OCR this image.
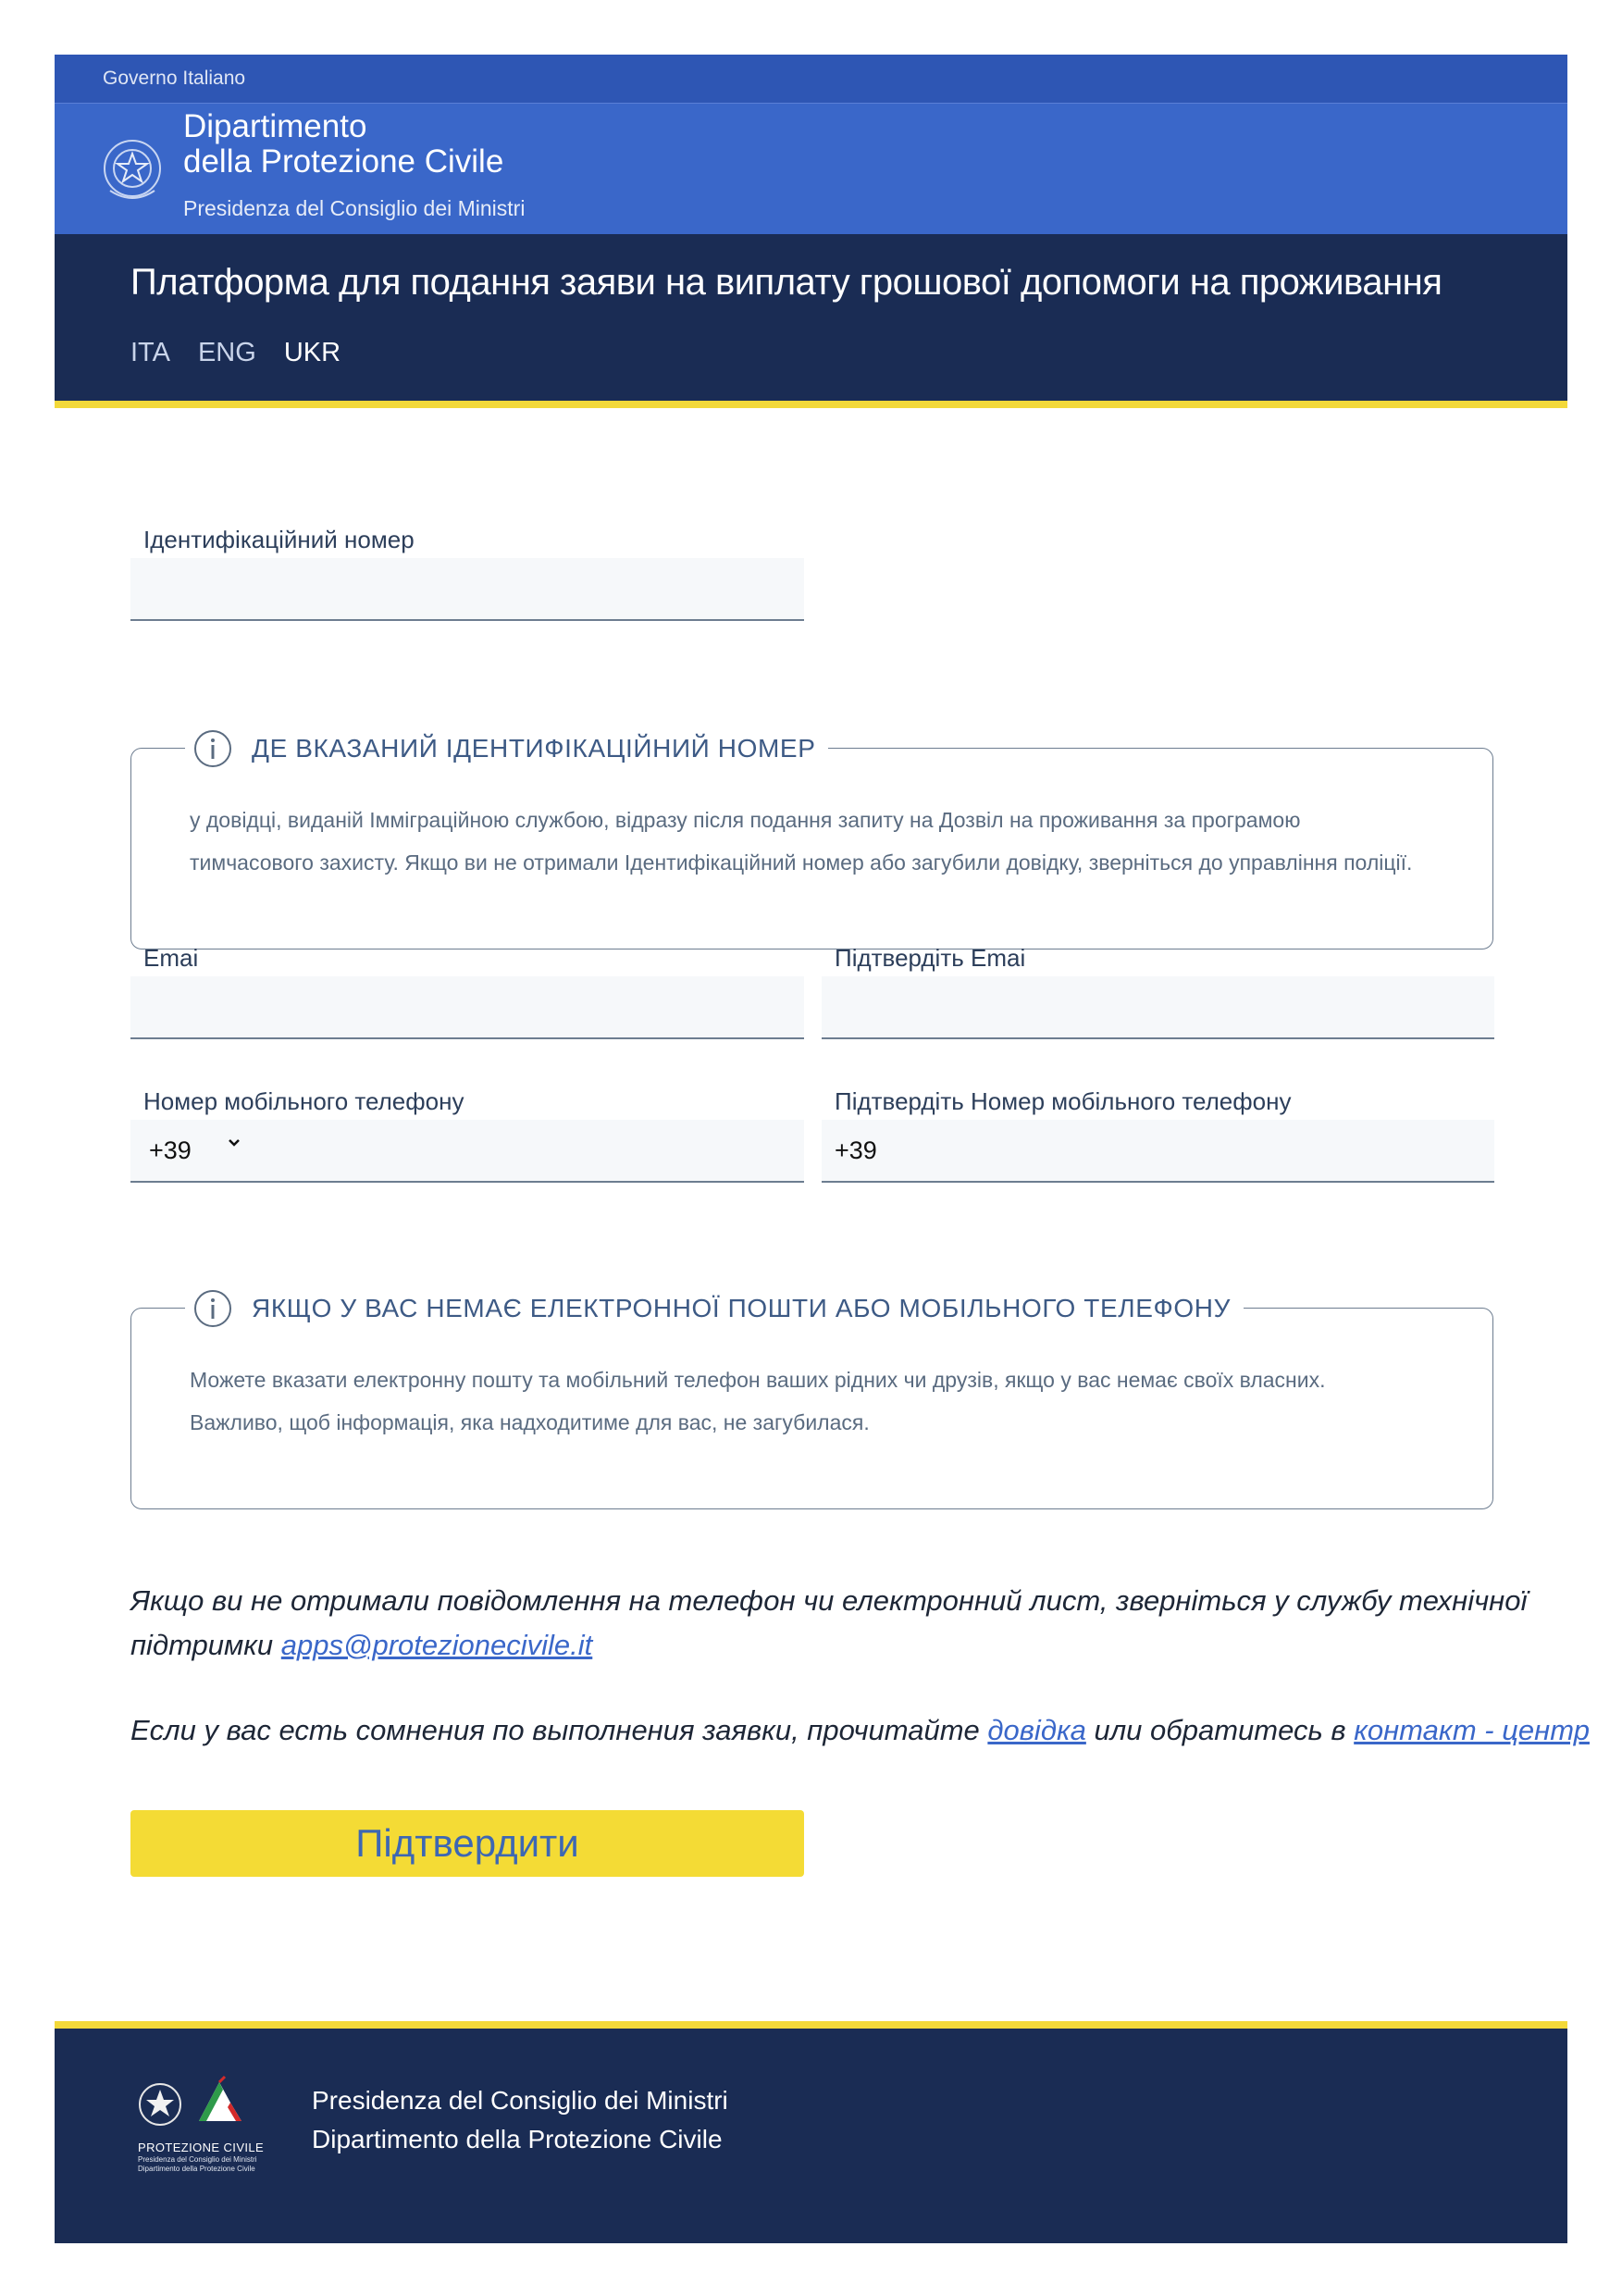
Governo Italiano
Dipartimento
della Protezione Civile
Presidenza del Consiglio dei Ministri
Платформа для подання заяви на виплату грошової допомоги на проживання
ITA ENG UKR
Ідентифікаційний номер
ДЕ ВКАЗАНИЙ ІДЕНТИФІКАЦІЙНИЙ НОМЕР
у довідці, виданій Імміграційною службою, відразу після подання запиту на Дозвіл на проживання за програмою
тимчасового захисту. Якщо ви не отримали Ідентифікаційний номер або загубили довідку, зверніться до управління поліції.
Emai	Підтвердіть Emai
Номер мобільного телефону
+39
Підтвердіть Номер мобільного телефону
+39
ЯКЩО У ВАС НЕМАЄ ЕЛЕКТРОННОЇ ПОШТИ АБО МОБІЛЬНОГО ТЕЛЕФОНУ
Можете вказати електронну пошту та мобільний телефон ваших рідних чи друзів, якщо у вас немає своїх власних.
Важливо, щоб інформація, яка надходитиме для вас, не загубилася.
Якщо ви не отримали повідомлення на телефон чи електронний лист, зверніться у службу технічної
підтримки apps@protezionecivile.it
Если у вас есть сомнения по выполнения заявки, прочитайте довідка или обратитесь в контакт - центр
Підтвердити
PROTEZIONE CIVILE
Presidenza del Consiglio dei Ministri
Dipartimento della Protezione Civile
Presidenza del Consiglio dei Ministri
Dipartimento della Protezione Civile
